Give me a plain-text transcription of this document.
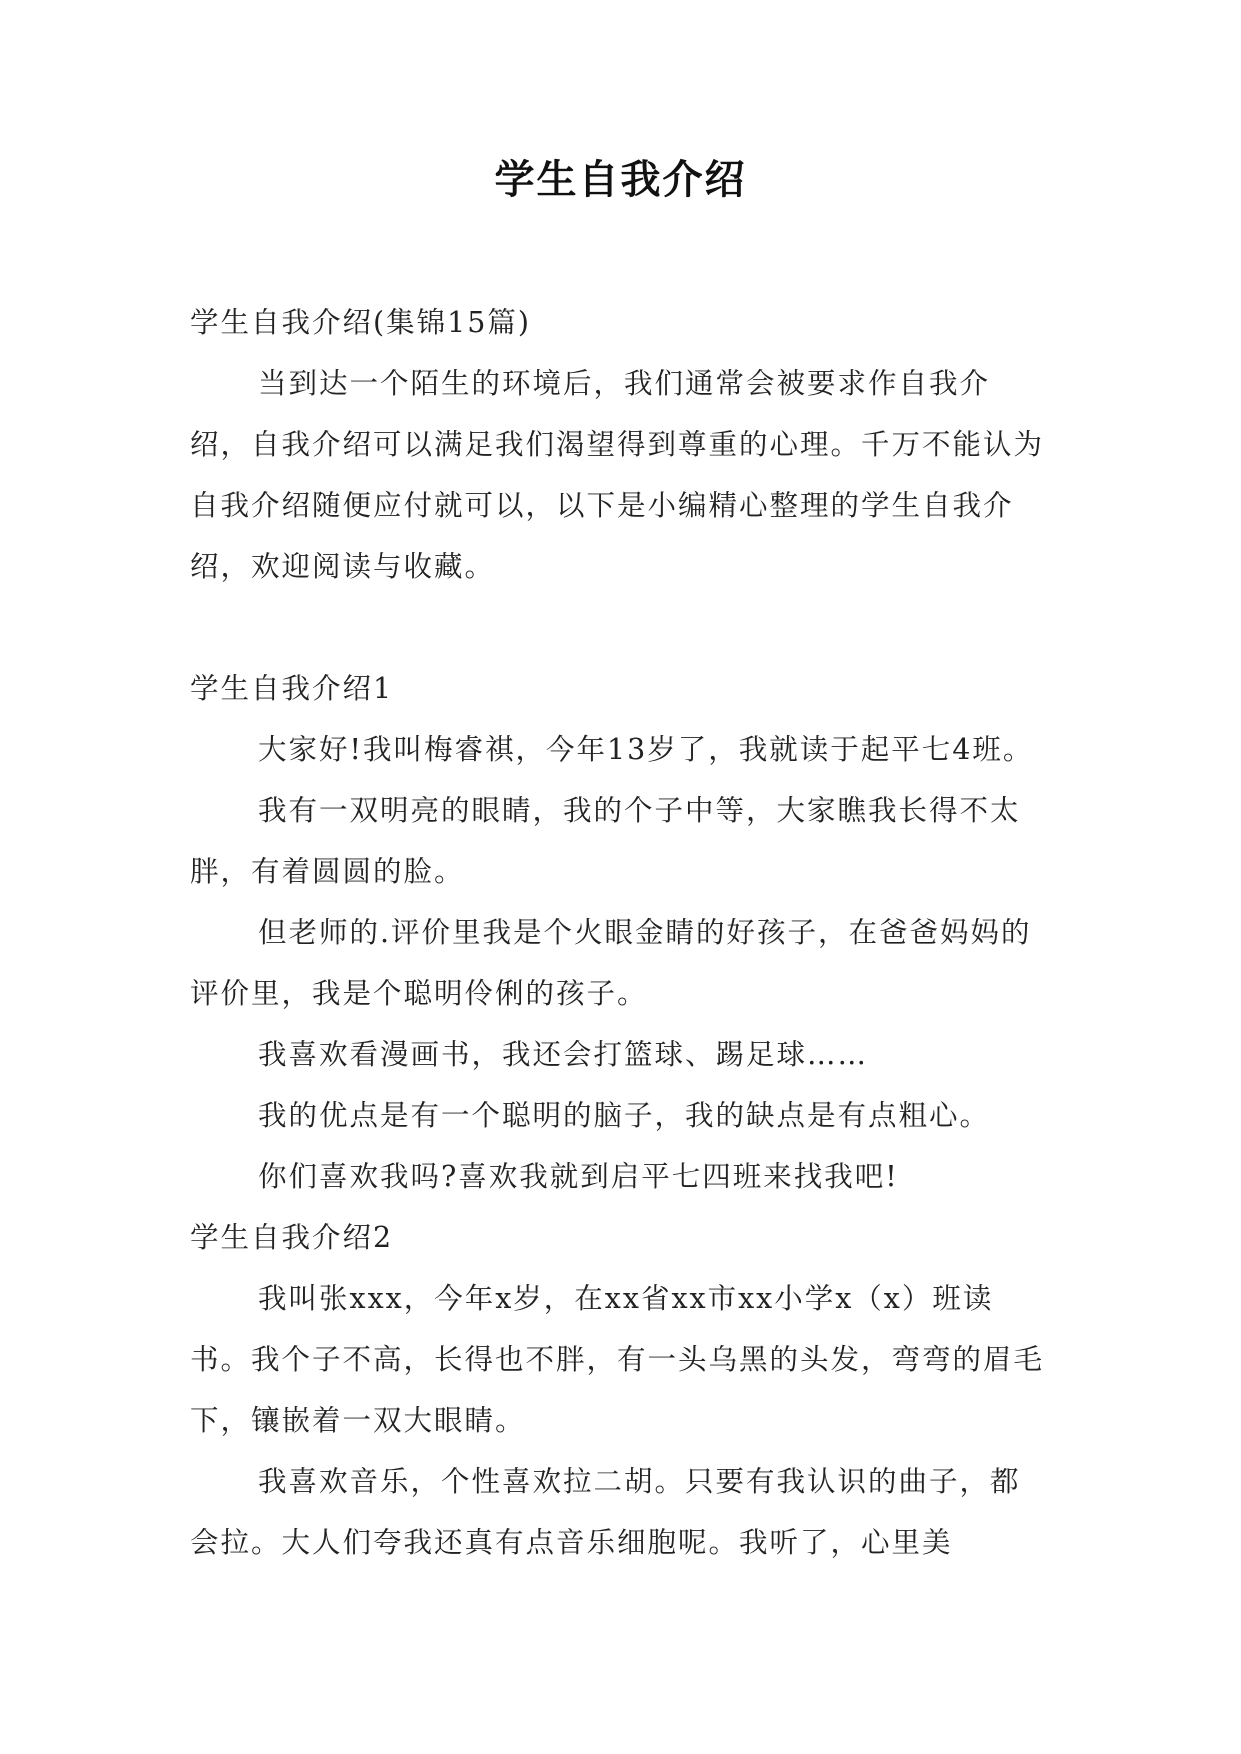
学生自我介绍

学生自我介绍(集锦15篇)

当到达一个陌生的环境后，我们通常会被要求作自我介绍，自我介绍可以满足我们渴望得到尊重的心理。千万不能认为自我介绍随便应付就可以，以下是小编精心整理的学生自我介绍，欢迎阅读与收藏。

学生自我介绍1

大家好!我叫梅睿祺，今年13岁了，我就读于起平七4班。

我有一双明亮的眼睛，我的个子中等，大家瞧我长得不太胖，有着圆圆的脸。

但老师的.评价里我是个火眼金睛的好孩子，在爸爸妈妈的评价里，我是个聪明伶俐的孩子。

我喜欢看漫画书，我还会打篮球、踢足球……

我的优点是有一个聪明的脑子，我的缺点是有点粗心。

你们喜欢我吗?喜欢我就到启平七四班来找我吧!

学生自我介绍2

我叫张xxx，今年x岁，在xx省xx市xx小学x（x）班读书。我个子不高，长得也不胖，有一头乌黑的头发，弯弯的眉毛下，镶嵌着一双大眼睛。

我喜欢音乐，个性喜欢拉二胡。只要有我认识的曲子，都会拉。大人们夸我还真有点音乐细胞呢。我听了，心里美
